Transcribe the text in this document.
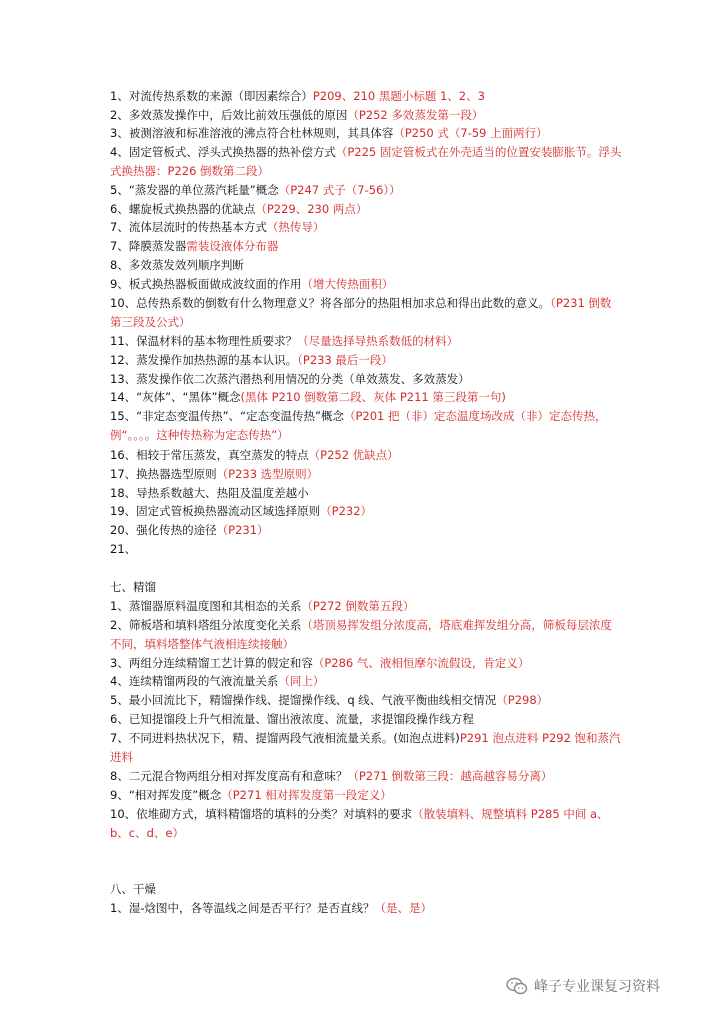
1、对流传热系数的来源（即因素综合）P209、210 黑题小标题 1、2、3
2、多效蒸发操作中，后效比前效压强低的原因（P252 多效蒸发第一段）
3、被测溶液和标准溶液的沸点符合杜林规则，其具体容（P250 式（7-59 上面两行）
4、固定管板式、浮头式换热器的热补偿方式（P225 固定管板式在外壳适当的位置安装膨胀节。浮头式换热器：P226 倒数第二段）
5、“蒸发器的单位蒸汽耗量”概念（P247 式子（7-56））
6、螺旋板式换热器的优缺点（P229、230 两点）
7、流体层流时的传热基本方式（热传导）
7、降膜蒸发器需装设液体分布器
8、多效蒸发效列顺序判断
9、板式换热器板面做成波纹面的作用（增大传热面积）
10、总传热系数的倒数有什么物理意义？将各部分的热阻相加求总和得出此数的意义。（P231 倒数第三段及公式）
11、保温材料的基本物理性质要求？（尽量选择导热系数低的材料）
12、蒸发操作加热热源的基本认识。（P233 最后一段）
13、蒸发操作依二次蒸汽潜热利用情况的分类（单效蒸发、多效蒸发）
14、“灰体”、“黑体”概念(黑体 P210 倒数第二段、灰体 P211 第三段第一句)
15、“非定态变温传热”、“定态变温传热”概念（P201 把（非）定态温度场改成（非）定态传热，例“。。。。这种传热称为定态传热”）
16、相较于常压蒸发，真空蒸发的特点（P252 优缺点）
17、换热器选型原则（P233 选型原则）
18、导热系数越大、热阻及温度差越小
19、固定式管板换热器流动区域选择原则（P232）
20、强化传热的途径（P231）
21、
七、精馏
1、蒸馏器原料温度图和其相态的关系（P272 倒数第五段）
2、筛板塔和填料塔组分浓度变化关系（塔顶易挥发组分浓度高，塔底难挥发组分高，筛板每层浓度不同，填料塔整体气液相连续接触）
3、两组分连续精馏工艺计算的假定和容（P286 气、液相恒摩尔流假设，肯定义）
4、连续精馏两段的气液流量关系（同上）
5、最小回流比下，精馏操作线、提馏操作线、q 线、气液平衡曲线相交情况（P298）
6、已知提馏段上升气相流量、馏出液浓度、流量，求提馏段操作线方程
7、不同进料热状况下，精、提馏两段气液相流量关系。(如泡点进料)P291 泡点进料 P292 饱和蒸汽进料
8、二元混合物两组分相对挥发度高有和意味？（P271 倒数第三段：越高越容易分离）
9、“相对挥发度”概念（P271 相对挥发度第一段定义）
10、依堆砌方式，填料精馏塔的填料的分类？对填料的要求（散装填料、规整填料 P285 中间 a、b、c、d、e）
八、干燥
1、湿-焓图中，各等温线之间是否平行？是否直线？（是、是）
峰子专业课复习资料
